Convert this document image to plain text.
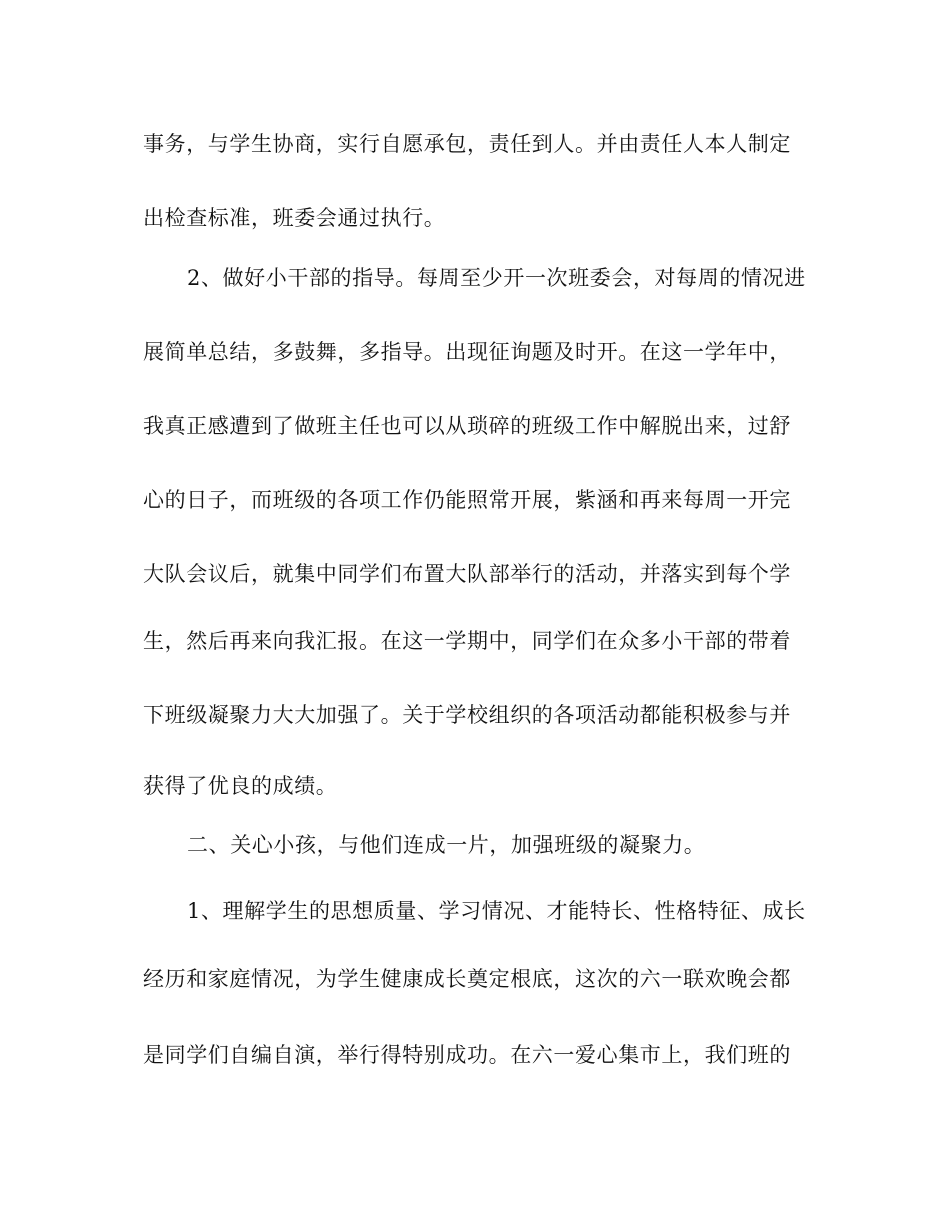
事务，与学生协商，实行自愿承包，责任到人。并由责任人本人制定
出检查标准，班委会通过执行。
2、做好小干部的指导。每周至少开一次班委会，对每周的情况进
展简单总结，多鼓舞，多指导。出现征询题及时开。在这一学年中，
我真正感遭到了做班主任也可以从琐碎的班级工作中解脱出来，过舒
心的日子，而班级的各项工作仍能照常开展，紫涵和再来每周一开完
大队会议后，就集中同学们布置大队部举行的活动，并落实到每个学
生，然后再来向我汇报。在这一学期中，同学们在众多小干部的带着
下班级凝聚力大大加强了。关于学校组织的各项活动都能积极参与并
获得了优良的成绩。
二、关心小孩，与他们连成一片，加强班级的凝聚力。
1、理解学生的思想质量、学习情况、才能特长、性格特征、成长
经历和家庭情况，为学生健康成长奠定根底，这次的六一联欢晚会都
是同学们自编自演，举行得特别成功。在六一爱心集市上，我们班的
